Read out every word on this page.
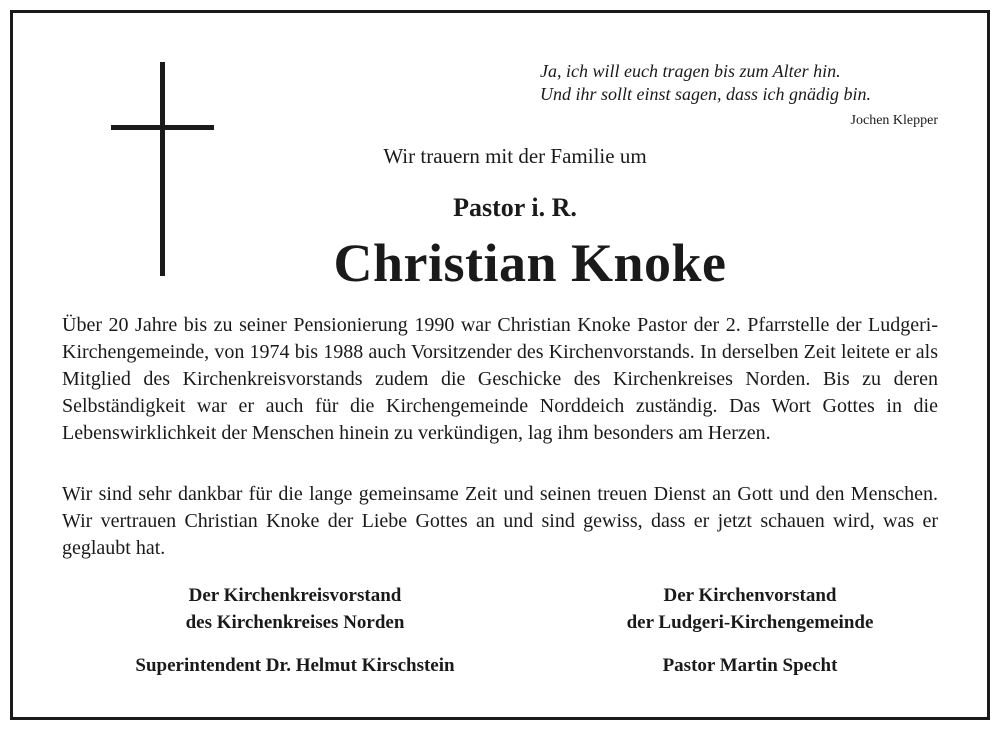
Ja, ich will euch tragen bis zum Alter hin.
Und ihr sollt einst sagen, dass ich gnädig bin.
Jochen Klepper
Wir trauern mit der Familie um
Pastor i. R.
Christian Knoke
Über 20 Jahre bis zu seiner Pensionierung 1990 war Christian Knoke Pastor der 2. Pfarrstelle der Ludgeri-Kirchengemeinde, von 1974 bis 1988 auch Vorsitzender des Kirchenvorstands. In derselben Zeit leitete er als Mitglied des Kirchenkreisvorstands zudem die Geschicke des Kirchenkreises Norden. Bis zu deren Selbständigkeit war er auch für die Kirchengemeinde Norddeich zuständig. Das Wort Gottes in die Lebenswirklichkeit der Menschen hinein zu verkündigen, lag ihm besonders am Herzen.
Wir sind sehr dankbar für die lange gemeinsame Zeit und seinen treuen Dienst an Gott und den Menschen. Wir vertrauen Christian Knoke der Liebe Gottes an und sind gewiss, dass er jetzt schauen wird, was er geglaubt hat.
Der Kirchenkreisvorstand
des Kirchenkreises Norden
Superintendent Dr. Helmut Kirschstein
Der Kirchenvorstand
der Ludgeri-Kirchengemeinde
Pastor Martin Specht
